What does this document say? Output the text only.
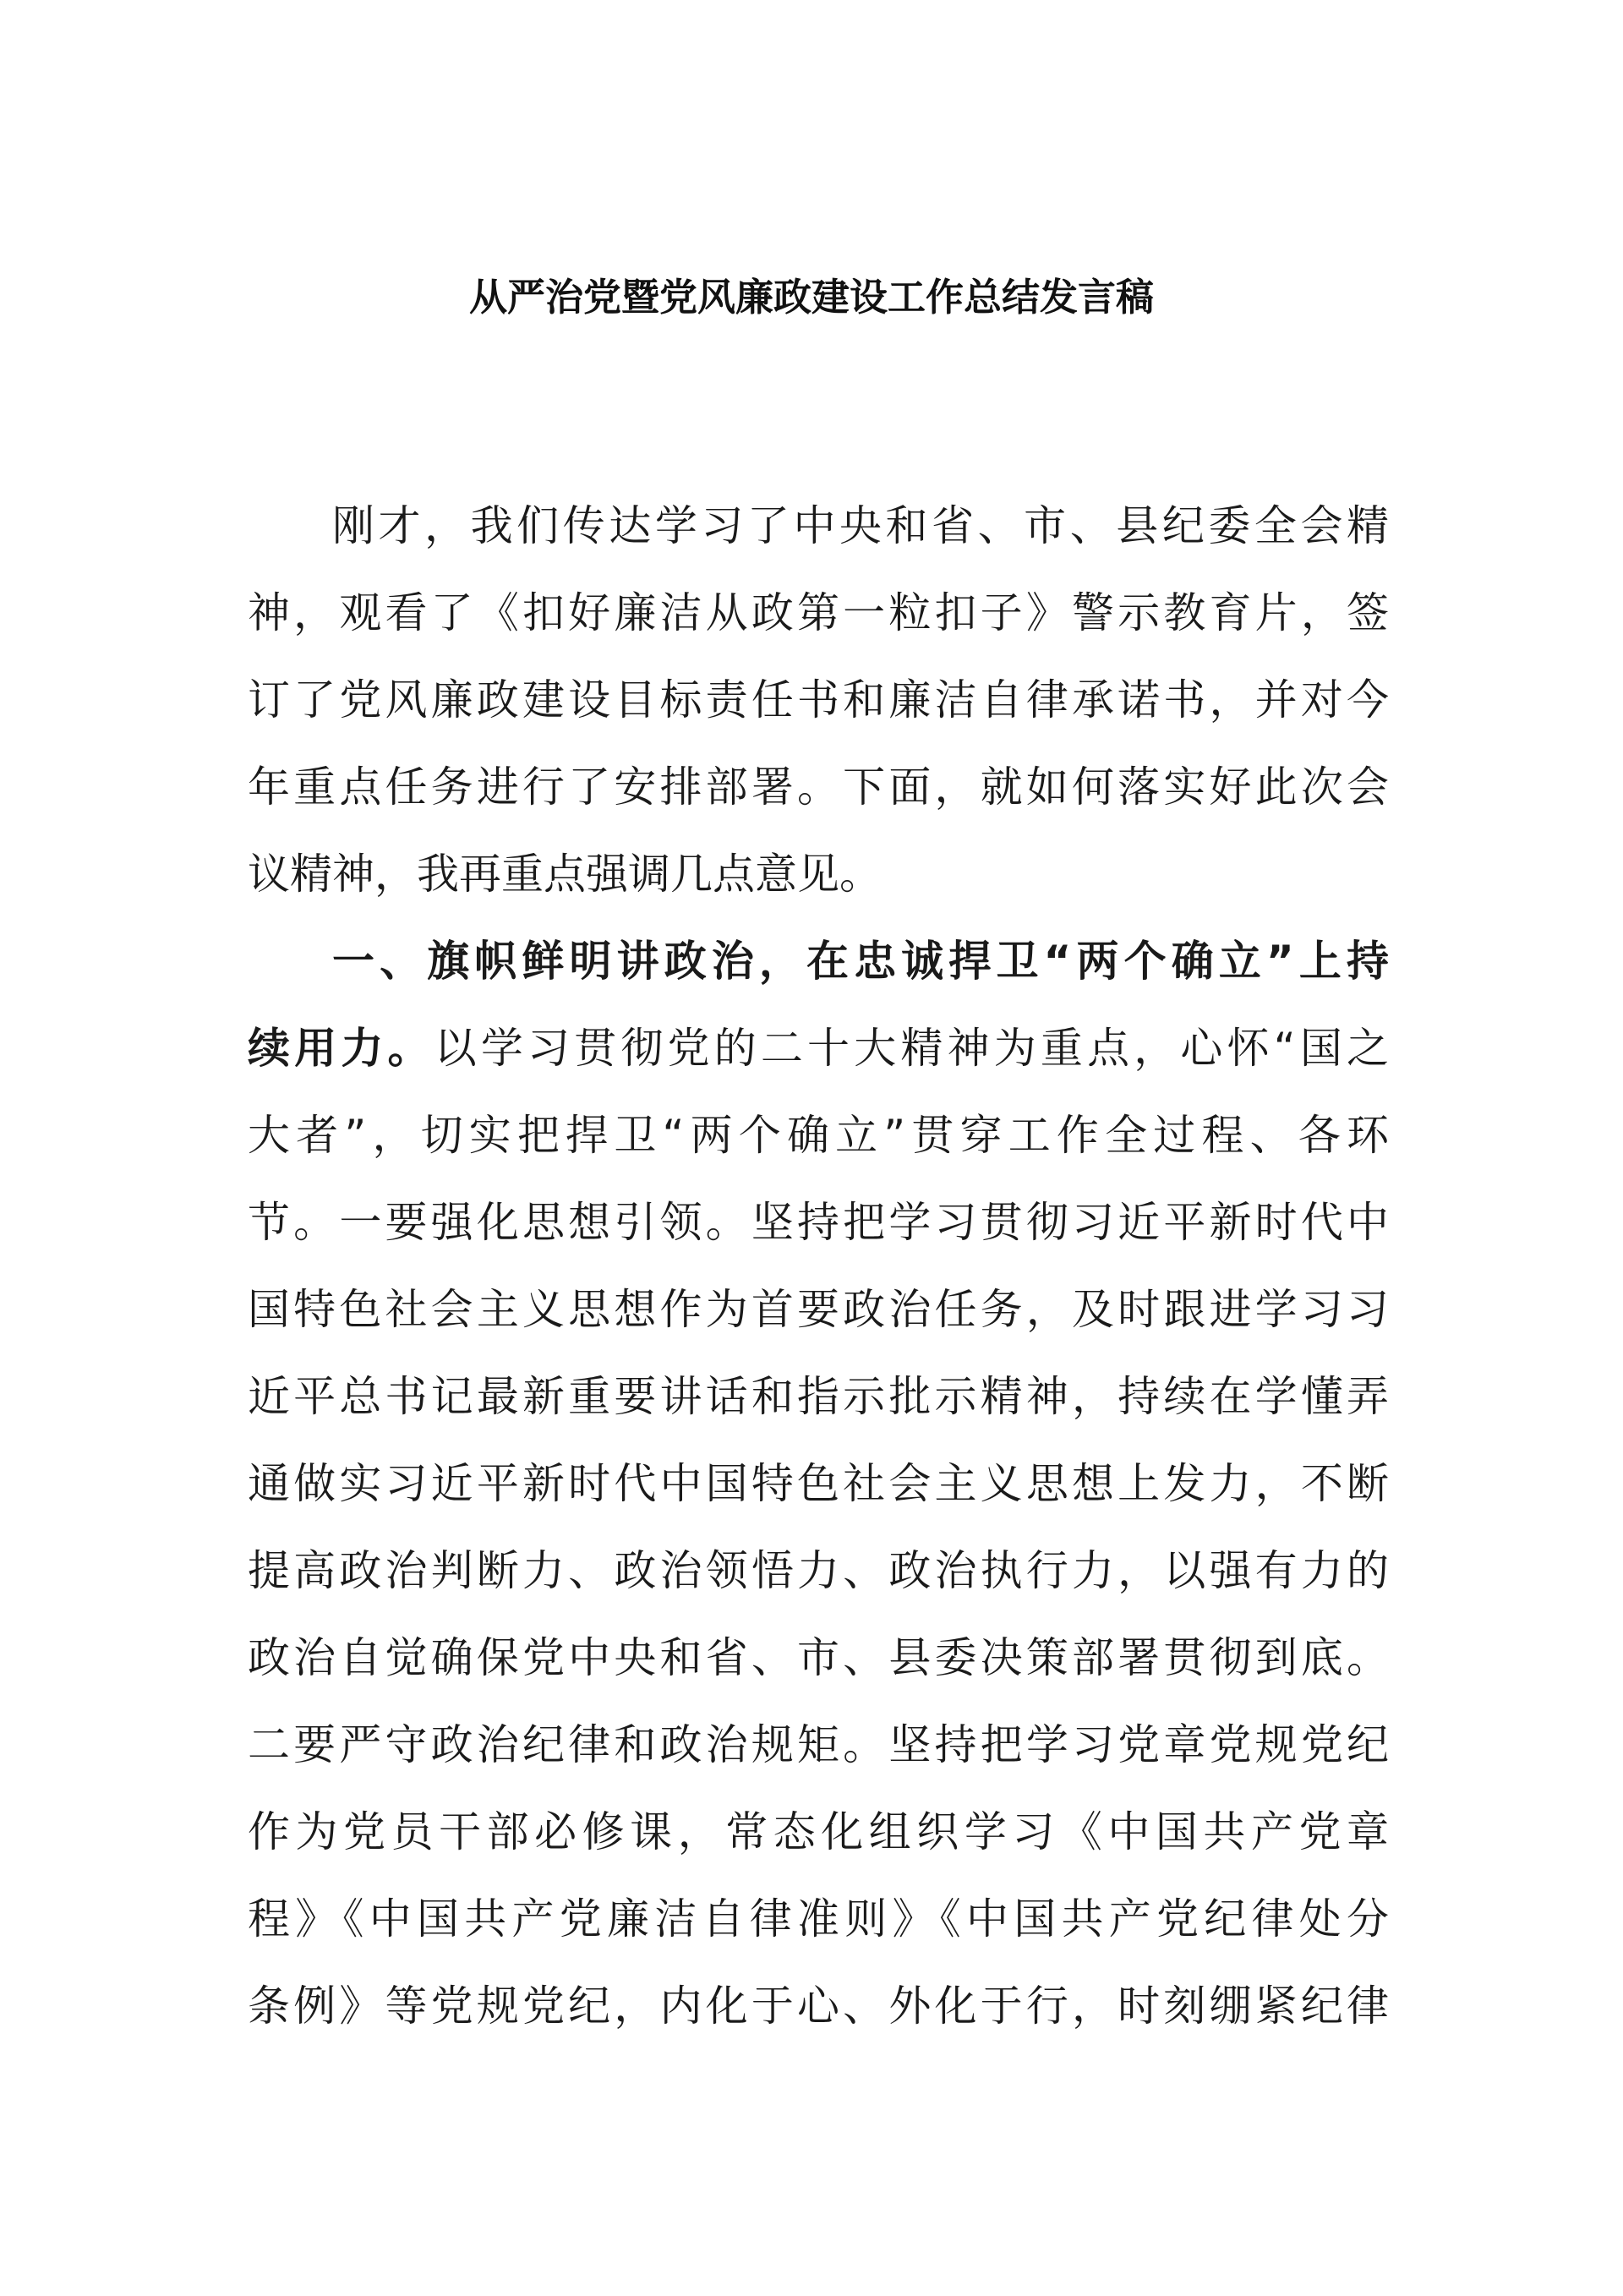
从严治党暨党风廉政建设工作总结发言稿
刚才，我们传达学习了中央和省、市、县纪委全会精
神，观看了《扣好廉洁从政第一粒扣子》警示教育片，签
订了党风廉政建设目标责任书和廉洁自律承诺书，并对今
年重点任务进行了安排部署。下面，就如何落实好此次会
议精神，我再重点强调几点意见。
一、旗帜鲜明讲政治，在忠诚捍卫“两个确立”上持
续用力。以学习贯彻党的二十大精神为重点，心怀“国之
大者”，切实把捍卫“两个确立”贯穿工作全过程、各环
节。一要强化思想引领。坚持把学习贯彻习近平新时代中
国特色社会主义思想作为首要政治任务，及时跟进学习习
近平总书记最新重要讲话和指示批示精神，持续在学懂弄
通做实习近平新时代中国特色社会主义思想上发力，不断
提高政治判断力、政治领悟力、政治执行力，以强有力的
政治自觉确保党中央和省、市、县委决策部署贯彻到底。
二要严守政治纪律和政治规矩。坚持把学习党章党规党纪
作为党员干部必修课，常态化组织学习《中国共产党章
程》《中国共产党廉洁自律准则》《中国共产党纪律处分
条例》等党规党纪，内化于心、外化于行，时刻绷紧纪律
